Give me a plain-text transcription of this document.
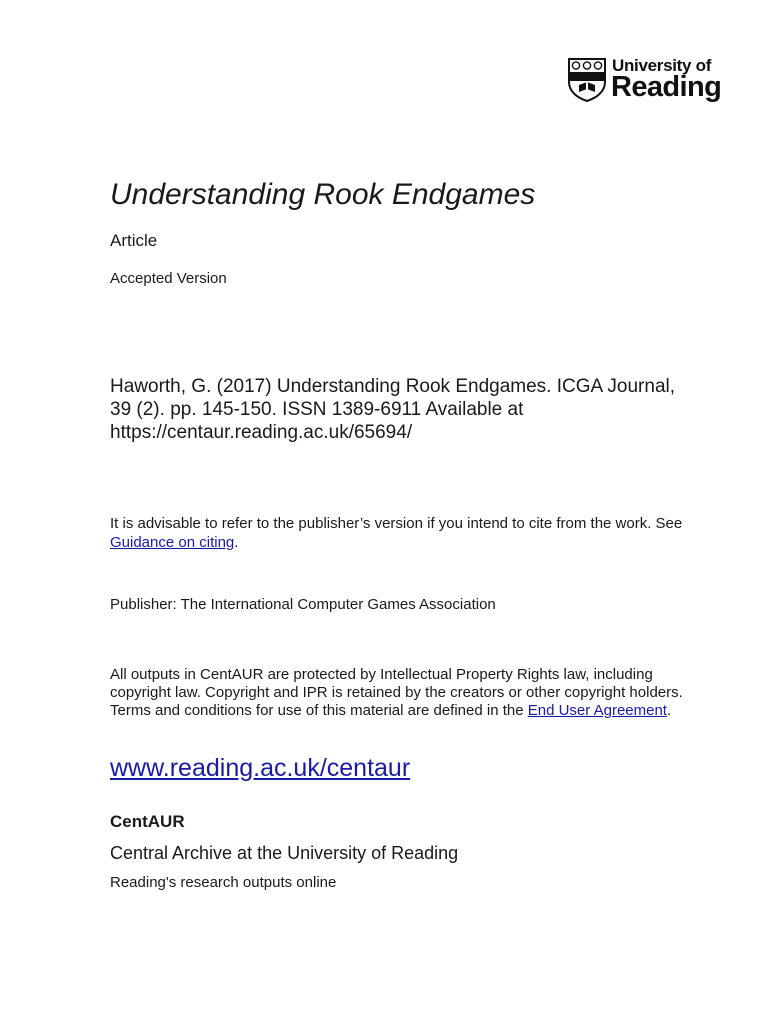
University of
Reading
Understanding Rook Endgames
Article
Accepted Version
Haworth, G. (2017) Understanding Rook Endgames. ICGA Journal, 39 (2). pp. 145-150. ISSN 1389-6911 Available at https://centaur.reading.ac.uk/65694/
It is advisable to refer to the publisher’s version if you intend to cite from the work. See Guidance on citing.
Publisher: The International Computer Games Association
All outputs in CentAUR are protected by Intellectual Property Rights law, including copyright law. Copyright and IPR is retained by the creators or other copyright holders. Terms and conditions for use of this material are defined in the End User Agreement.
www.reading.ac.uk/centaur
CentAUR
Central Archive at the University of Reading
Reading's research outputs online
